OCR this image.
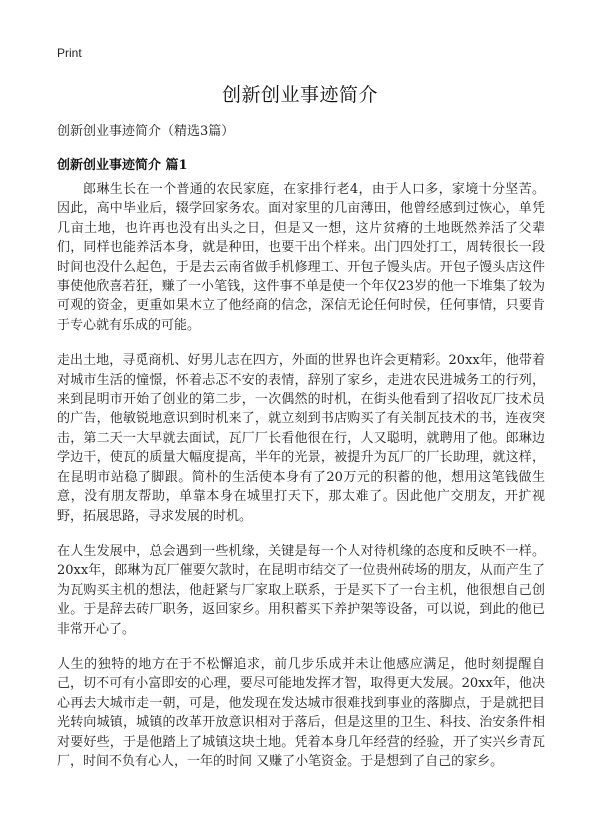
Print
创新创业事迹简介
创新创业事迹简介（精选3篇）
创新创业事迹简介 篇1

郎琳生长在一个普通的农民家庭，在家排行老4，由于人口多，家境十分坚苦。因此，高中毕业后，辍学回家务农。面对家里的几亩薄田，他曾经感到过恢心，单凭几亩土地，也许再也没有出头之日，但是又一想，这片贫瘠的土地既然养活了父辈们，同样也能养活本身，就是种田，也要干出个样来。出门四处打工，周转很长一段时间也没什么起色，于是去云南省做手机修理工、开包子馒头店。开包子馒头店这件事使他欣喜若狂，赚了一小笔钱，这件事不单是使一个年仅23岁的他一下堆集了较为可观的资金，更重如果木立了他经商的信念，深信无论任何时侯，任何事情，只要肯于专心就有乐成的可能。

走出土地，寻觅商机、好男儿志在四方，外面的世界也许会更精彩。20xx年，他带着对城市生活的憧憬，怀着忐忑不安的表情，辞别了家乡，走进农民进城务工的行列，来到昆明市开始了创业的第二步，一次偶然的时机，在街头他看到了招收瓦厂技术员的广告，他敏锐地意识到时机来了，就立刻到书店购买了有关制瓦技术的书，连夜突击，第二天一大早就去面试，瓦厂厂长看他很在行，人又聪明，就聘用了他。郎琳边学边干，使瓦的质量大幅度提高，半年的光景，被提升为瓦厂的厂长助理，就这样，在昆明市站稳了脚跟。简朴的生活使本身有了20万元的积蓄的他，想用这笔钱做生意，没有朋友帮助，单靠本身在城里打天下，那太难了。因此他广交朋友，开扩视野，拓展思路，寻求发展的时机。

在人生发展中，总会遇到一些机缘，关键是每一个人对待机缘的态度和反映不一样。20xx年，郎琳为瓦厂催要欠款时，在昆明市结交了一位贵州砖场的朋友，从而产生了为瓦购买主机的想法，他赶紧与厂家取上联系，于是买下了一台主机，他很想自己创业。于是辞去砖厂职务，返回家乡。用积蓄买下养护架等设备，可以说，到此的他已非常开心了。

人生的独特的地方在于不松懈追求，前几步乐成并未让他感应满足，他时刻提醒自己，切不可有小富即安的心理，要尽可能地发挥才智，取得更大发展。20xx年，他决心再去大城市走一朝，可是，他发现在发达城市很难找到事业的落脚点，于是就把目光转向城镇，城镇的改革开放意识相对于落后，但是这里的卫生、科技、治安条件相对要好些，于是他踏上了城镇这块土地。凭着本身几年经营的经验，开了实兴乡青瓦厂，时间不负有心人，一年的时间 又赚了小笔资金。于是想到了自己的家乡。
